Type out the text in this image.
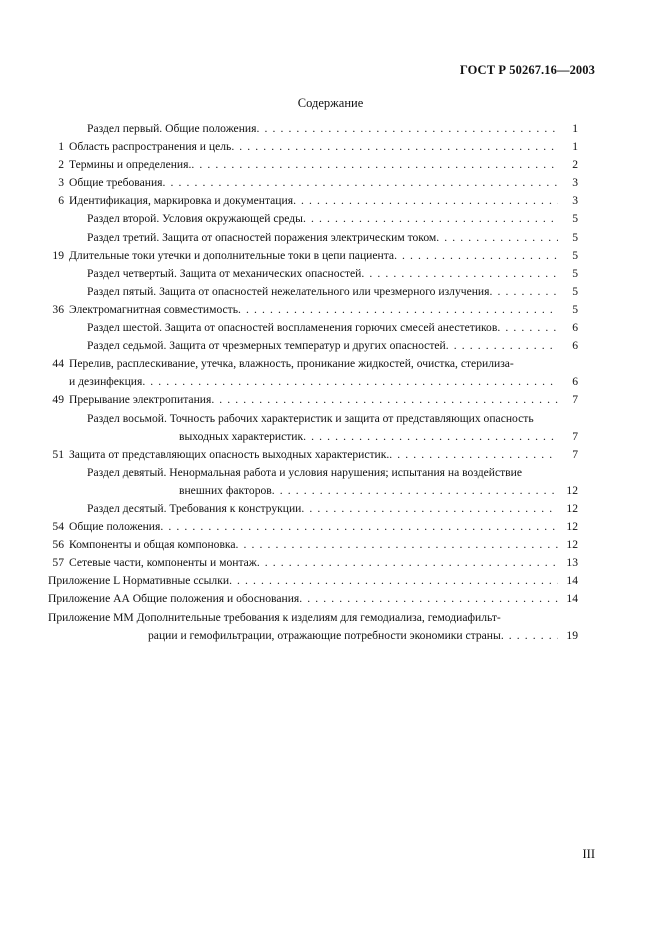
ГОСТ Р 50267.16—2003
Содержание
Раздел первый. Общие положения . . .	1
1 Область распространения и цель . . .	1
2 Термины и определения. . . .	2
3 Общие требования . . .	3
6 Идентификация, маркировка и документация . . .	3
Раздел второй. Условия окружающей среды . . .	5
Раздел третий. Защита от опасностей поражения электрическим током . . .	5
19 Длительные токи утечки и дополнительные токи в цепи пациента . . .	5
Раздел четвертый. Защита от механических опасностей . . .	5
Раздел пятый. Защита от опасностей нежелательного или чрезмерного излучения . . .	5
36 Электромагнитная совместимость . . .	5
Раздел шестой. Защита от опасностей воспламенения горючих смесей анестетиков . . .	6
Раздел седьмой. Защита от чрезмерных температур и других опасностей . . .	6
44 Перелив, расплескивание, утечка, влажность, проникание жидкостей, очистка, стерилиза-
и дезинфекция . . .	6
49 Прерывание электропитания . . .	7
Раздел восьмой. Точность рабочих характеристик и защита от представляющих опасность
выходных характеристик . . .	7
51 Защита от представляющих опасность выходных характеристик. . . .	7
Раздел девятый. Ненормальная работа и условия нарушения; испытания на воздействие
внешних факторов . . .	12
Раздел десятый. Требования к конструкции . . .	12
54 Общие положения . . .	12
56 Компоненты и общая компоновка . . .	12
57 Сетевые части, компоненты и монтаж . . .	13
Приложение L Нормативные ссылки . . .	14
Приложение АА Общие положения и обоснования . . .	14
Приложение ММ Дополнительные требования к изделиям для гемодиализа, гемодиафильт-
рации и гемофильтрации, отражающие потребности экономики страны . . .	19
III
